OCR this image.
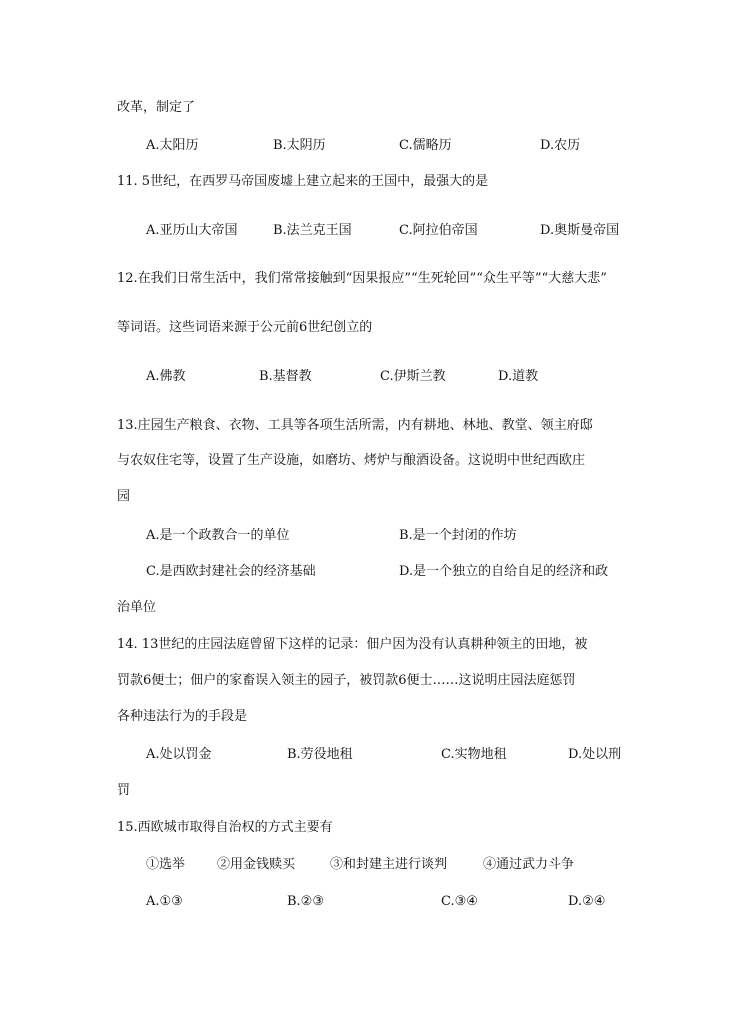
改革，制定了
A.太阳历	B.太阴历	C.儒略历	D.农历
11. 5世纪，在西罗马帝国废墟上建立起来的王国中，最强大的是
A.亚历山大帝国	B.法兰克王国	C.阿拉伯帝国	D.奥斯曼帝国
12.在我们日常生活中，我们常常接触到“因果报应”“生死轮回”“众生平等”“大慈大悲”
等词语。这些词语来源于公元前6世纪创立的
A.佛教	B.基督教	C.伊斯兰教	D.道教
13.庄园生产粮食、衣物、工具等各项生活所需，内有耕地、林地、教堂、领主府邸
与农奴住宅等，设置了生产设施，如磨坊、烤炉与酿酒设备。这说明中世纪西欧庄
园
A.是一个政教合一的单位	B.是一个封闭的作坊
C.是西欧封建社会的经济基础	D.是一个独立的自给自足的经济和政
治单位
14. 13世纪的庄园法庭曾留下这样的记录：佃户因为没有认真耕种领主的田地，被
罚款6便士；佃户的家畜误入领主的园子，被罚款6便士……这说明庄园法庭惩罚
各种违法行为的手段是
A.处以罚金	B.劳役地租	C.实物地租	D.处以刑
罚
15.西欧城市取得自治权的方式主要有
①选举 ②用金钱赎买	③和封建主进行谈判	④通过武力斗争
A.①③	B.②③	C.③④	D.②④
